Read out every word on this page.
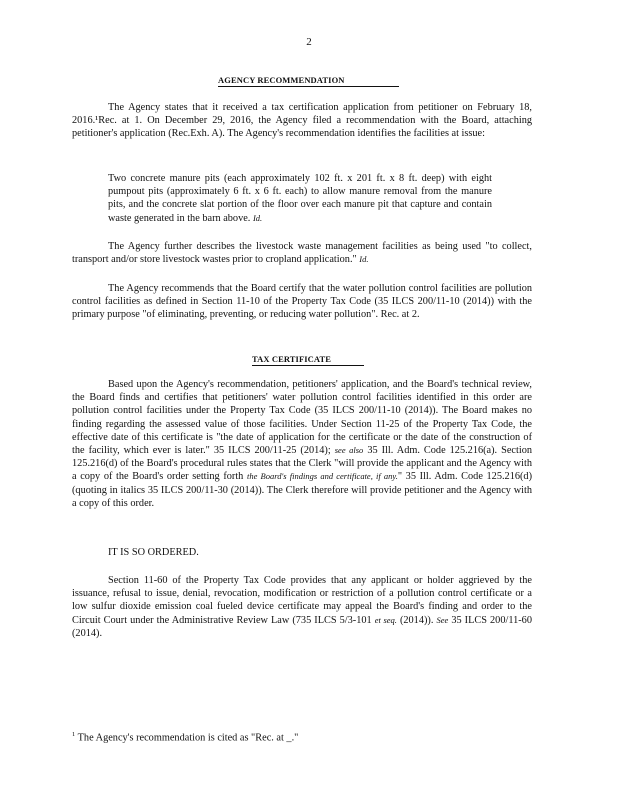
2
AGENCY RECOMMENDATION

The Agency states that it received a tax certification application from petitioner on February 18, 2016.¹Rec. at 1. On December 29, 2016, the Agency filed a recommendation with the Board, attaching petitioner's application (Rec.Exh. A). The Agency's recommendation identifies the facilities at issue:

Two concrete manure pits (each approximately 102 ft. x 201 ft. x 8 ft. deep) with eight pumpout pits (approximately 6 ft. x 6 ft. each) to allow manure removal from the manure pits, and the concrete slat portion of the floor over each manure pit that capture and contain waste generated in the barn above. Id.

The Agency further describes the livestock waste management facilities as being used "to collect, transport and/or store livestock wastes prior to cropland application." Id.

The Agency recommends that the Board certify that the water pollution control facilities are pollution control facilities as defined in Section 11-10 of the Property Tax Code (35 ILCS 200/11-10 (2014)) with the primary purpose "of eliminating, preventing, or reducing water pollution". Rec. at 2.

TAX CERTIFICATE

Based upon the Agency's recommendation, petitioners' application, and the Board's technical review, the Board finds and certifies that petitioners' water pollution control facilities identified in this order are pollution control facilities under the Property Tax Code (35 ILCS 200/11-10 (2014)). The Board makes no finding regarding the assessed value of those facilities. Under Section 11-25 of the Property Tax Code, the effective date of this certificate is "the date of application for the certificate or the date of the construction of the facility, which ever is later." 35 ILCS 200/11-25 (2014); see also 35 Ill. Adm. Code 125.216(a). Section 125.216(d) of the Board's procedural rules states that the Clerk "will provide the applicant and the Agency with a copy of the Board's order setting forth the Board's findings and certificate, if any." 35 Ill. Adm. Code 125.216(d) (quoting in italics 35 ILCS 200/11-30 (2014)). The Clerk therefore will provide petitioner and the Agency with a copy of this order.

IT IS SO ORDERED.

Section 11-60 of the Property Tax Code provides that any applicant or holder aggrieved by the issuance, refusal to issue, denial, revocation, modification or restriction of a pollution control certificate or a low sulfur dioxide emission coal fueled device certificate may appeal the Board's finding and order to the Circuit Court under the Administrative Review Law (735 ILCS 5/3-101 et seq. (2014)). See 35 ILCS 200/11-60 (2014).

$^1$ The Agency's recommendation is cited as "Rec. at _."
